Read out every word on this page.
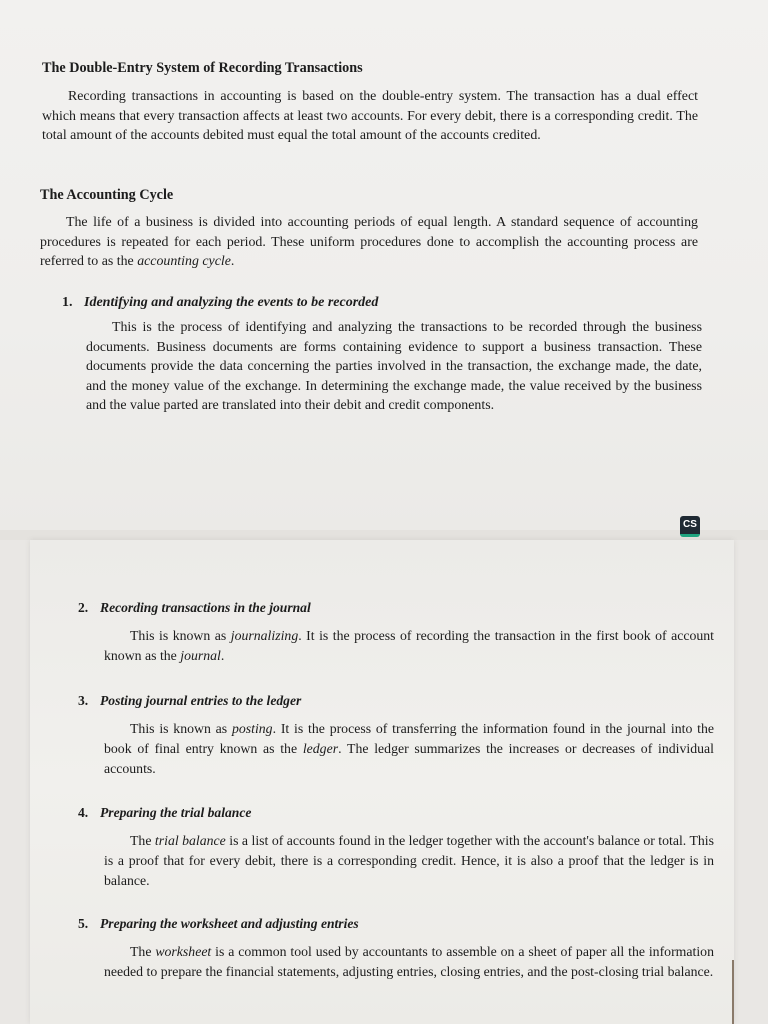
The Double-Entry System of Recording Transactions

Recording transactions in accounting is based on the double-entry system. The transaction has a dual effect which means that every transaction affects at least two accounts. For every debit, there is a corresponding credit. The total amount of the accounts debited must equal the total amount of the accounts credited.

The Accounting Cycle

The life of a business is divided into accounting periods of equal length. A standard sequence of accounting procedures is repeated for each period. These uniform procedures done to accomplish the accounting process are referred to as the accounting cycle.

1. Identifying and analyzing the events to be recorded

This is the process of identifying and analyzing the transactions to be recorded through the business documents. Business documents are forms containing evidence to support a business transaction. These documents provide the data concerning the parties involved in the transaction, the exchange made, the date, and the money value of the exchange. In determining the exchange made, the value received by the business and the value parted are translated into their debit and credit components.

CS
2. Recording transactions in the journal

This is known as journalizing. It is the process of recording the transaction in the first book of account known as the journal.

3. Posting journal entries to the ledger

This is known as posting. It is the process of transferring the information found in the journal into the book of final entry known as the ledger. The ledger summarizes the increases or decreases of individual accounts.

4. Preparing the trial balance

The trial balance is a list of accounts found in the ledger together with the account's balance or total. This is a proof that for every debit, there is a corresponding credit. Hence, it is also a proof that the ledger is in balance.

5. Preparing the worksheet and adjusting entries

The worksheet is a common tool used by accountants to assemble on a sheet of paper all the information needed to prepare the financial statements, adjusting entries, closing entries, and the post-closing trial balance.
